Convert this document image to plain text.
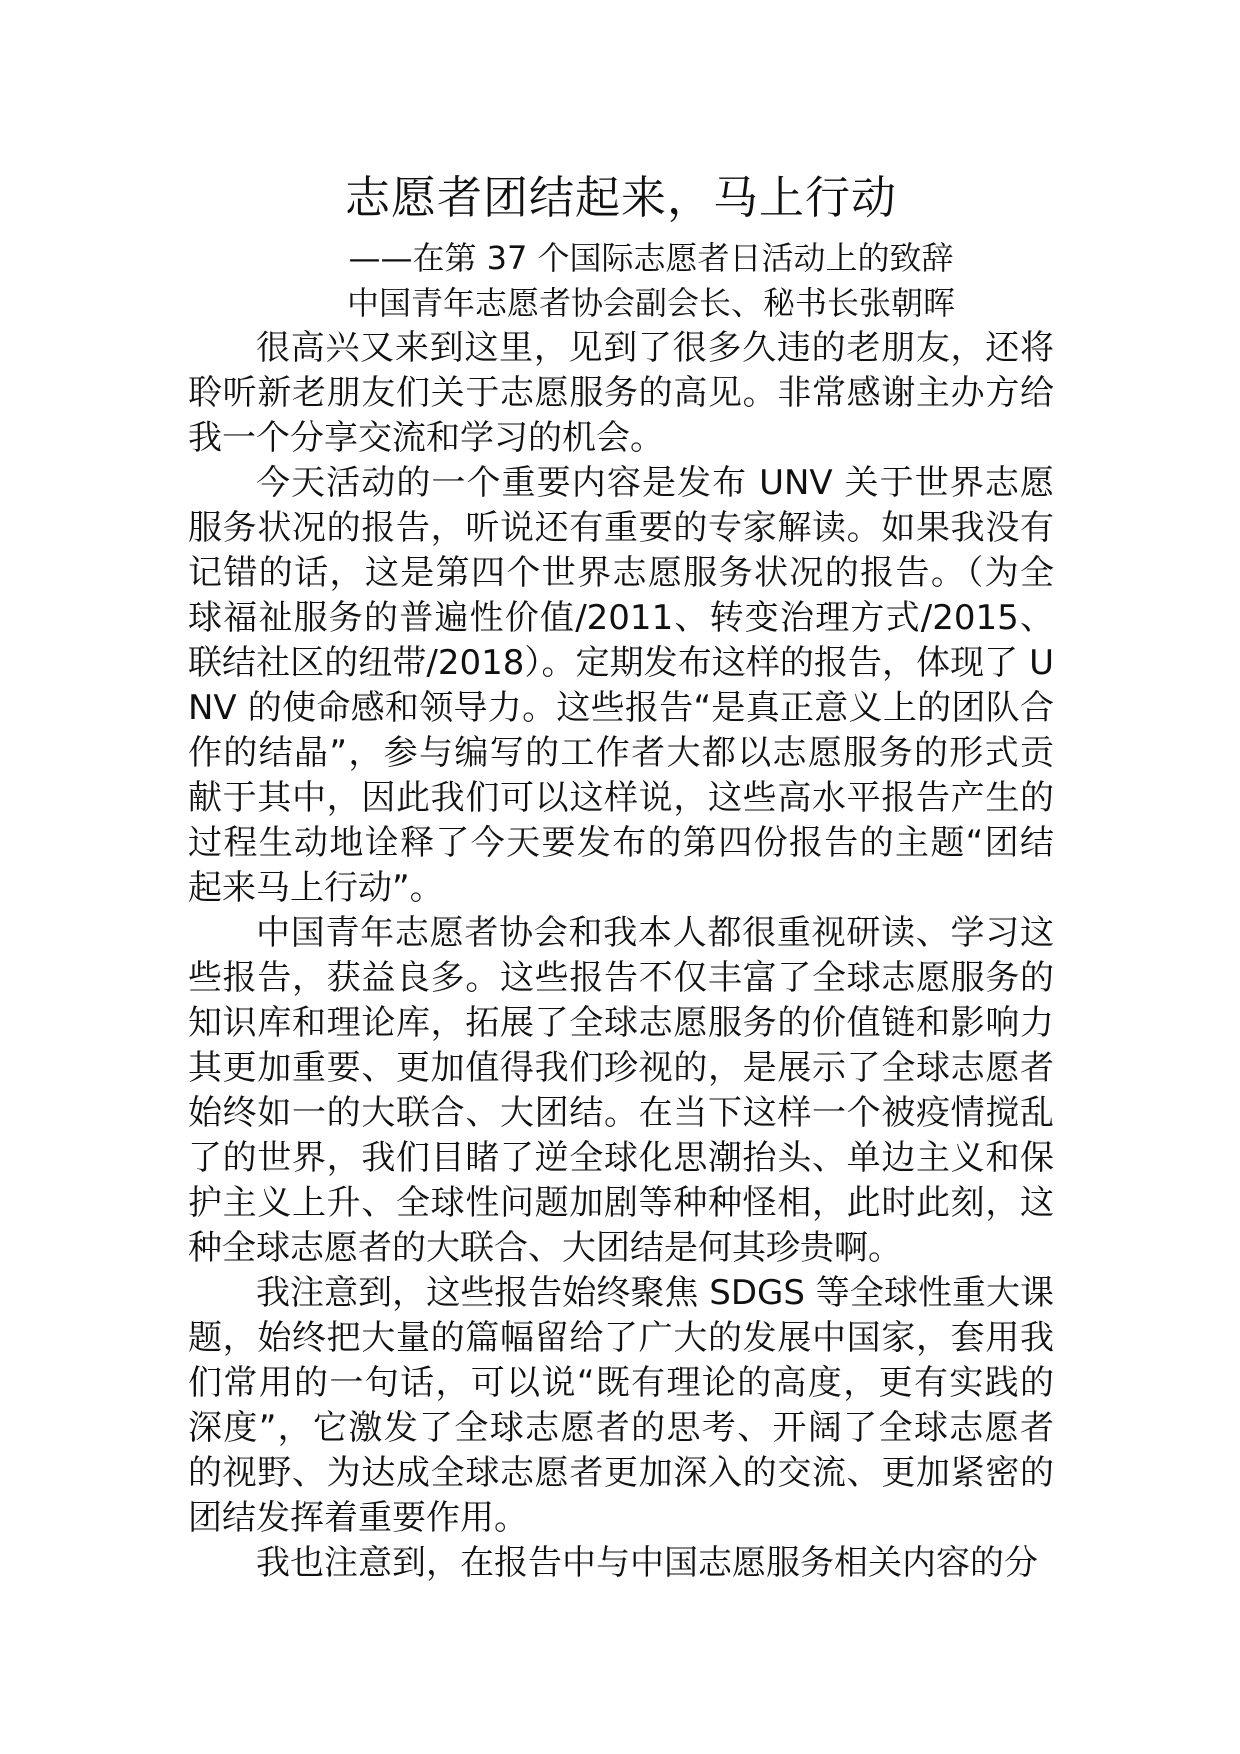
志愿者团结起来，马上行动

——在第 37 个国际志愿者日活动上的致辞

中国青年志愿者协会副会长、秘书长张朝晖

很高兴又来到这里，见到了很多久违的老朋友，还将聆听新老朋友们关于志愿服务的高见。非常感谢主办方给我一个分享交流和学习的机会。

今天活动的一个重要内容是发布 UNV 关于世界志愿服务状况的报告，听说还有重要的专家解读。如果我没有记错的话，这是第四个世界志愿服务状况的报告。（为全球福祉服务的普遍性价值/2011、转变治理方式/2015、联结社区的纽带/2018）。定期发布这样的报告，体现了 UNV 的使命感和领导力。这些报告“是真正意义上的团队合作的结晶”，参与编写的工作者大都以志愿服务的形式贡献于其中，因此我们可以这样说，这些高水平报告产生的过程生动地诠释了今天要发布的第四份报告的主题“团结起来马上行动”。

中国青年志愿者协会和我本人都很重视研读、学习这些报告，获益良多。这些报告不仅丰富了全球志愿服务的知识库和理论库，拓展了全球志愿服务的价值链和影响力其更加重要、更加值得我们珍视的，是展示了全球志愿者始终如一的大联合、大团结。在当下这样一个被疫情搅乱了的世界，我们目睹了逆全球化思潮抬头、单边主义和保护主义上升、全球性问题加剧等种种怪相，此时此刻，这种全球志愿者的大联合、大团结是何其珍贵啊。

我注意到，这些报告始终聚焦 SDGS 等全球性重大课题，始终把大量的篇幅留给了广大的发展中国家，套用我们常用的一句话，可以说“既有理论的高度，更有实践的深度”，它激发了全球志愿者的思考、开阔了全球志愿者的视野、为达成全球志愿者更加深入的交流、更加紧密的团结发挥着重要作用。

我也注意到，在报告中与中国志愿服务相关内容的分
